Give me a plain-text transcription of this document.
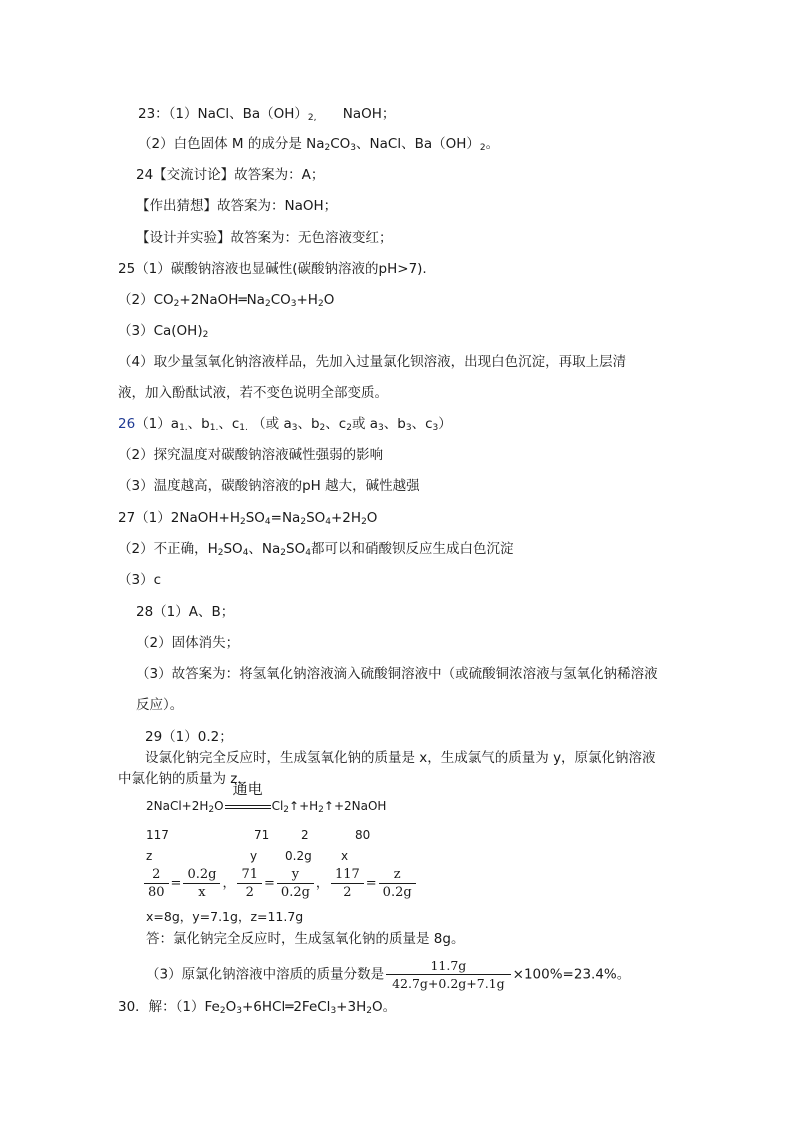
23：（1）NaCl、$Ba(OH)_{2,}$ NaOH；
（2）白色固体 M 的成分是 $Na_2CO_3$、NaCl、$Ba(OH)_2$。
24【交流讨论】故答案为：A；
【作出猜想】故答案为：NaOH；
【设计并实验】故答案为：无色溶液变红；
25（1）碳酸钠溶液也显碱性(碳酸钠溶液的pH>7).
$(2)CO_2+2NaOH═Na_2CO_3+H_2O$
$(3)Ca(OH)_2$
（4）取少量氢氧化钠溶液样品，先加入过量氯化钡溶液，出现白色沉淀，再取上层清
液，加入酚酞试液，若不变色说明全部变质。
$26(1)a_{1.}$、$b_{1.}$、$c_{1.}$ （或 $a_3$、$b_2$、$c_2$或 $a_3$、$b_3$、$c_3$）
（2）探究温度对碳酸钠溶液碱性强弱的影响
（3）温度越高，碳酸钠溶液的pH 越大，碱性越强
$27(1)2NaOH+H_2SO_4=Na_2SO_4+2H_2O$
（2）不正确，$H_2SO_4$、$Na_2SO_4$都可以和硝酸钡反应生成白色沉淀
（3）c
28（1）A、B；
（2）固体消失；
（3）故答案为：将氢氧化钠溶液滴入硫酸铜溶液中（或硫酸铜浓溶液与氢氧化钠稀溶液
反应）。
29（1）0.2；
设氯化钠完全反应时，生成氢氧化钠的质量是 x，生成氯气的质量为 y，原氯化钠溶液
中氯化钠的质量为 z，
$2NaCl+2H_2O$
通电
$Cl_2↑+H_2↑+2NaOH$
117	71	2	80
z	y 0.2g x
$\frac{2}{80} = \frac{0.2g}{x}$ ， $\frac{71}{2} = \frac{y}{0.2g}$ ， $\frac{117}{2} = \frac{z}{0.2g}$
x=8g，y=7.1g，z=11.7g
答：氯化钠完全反应时，生成氢氧化钠的质量是 8g。
（3）原氯化钠溶液中溶质的质量分数是 $\frac{11.7g}{42.7g+0.2g+7.1g} \times 100\%=23.4\%$。
30．解：$(1)Fe_2O_3+6HCl═2FeCl_3+3H_2O$。
